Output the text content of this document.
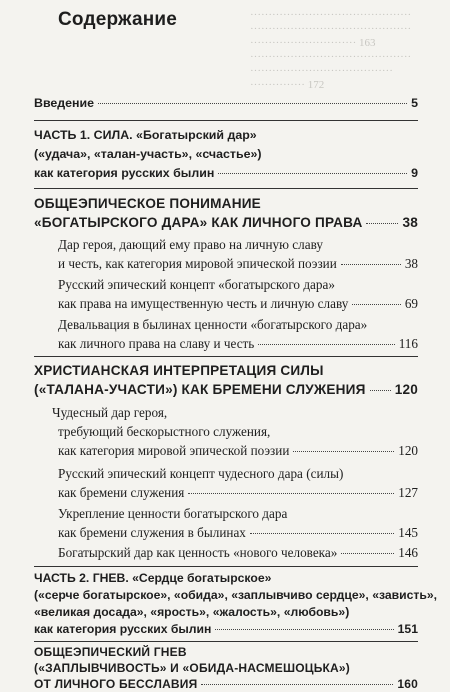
············································
············································
····························· 163
············································
·······································
··············· 172
Содержание
Введение	5
ЧАСТЬ 1. СИЛА. «Богатырский дар»
(«удача», «талан-участь», «счастье»)
как категория русских былин	9
ОБЩЕЭПИЧЕСКОЕ ПОНИМАНИЕ
«БОГАТЫРСКОГО ДАРА» КАК ЛИЧНОГО ПРАВА	38
Дар героя, дающий ему право на личную славу
и честь, как категория мировой эпической поэзии	38
Русский эпический концепт «богатырского дара»
как права на имущественную честь и личную славу	69
Девальвация в былинах ценности «богатырского дара»
как личного права на славу и честь	116
ХРИСТИАНСКАЯ ИНТЕРПРЕТАЦИЯ СИЛЫ
(«ТАЛАНА-УЧАСТИ») КАК БРЕМЕНИ СЛУЖЕНИЯ 120
Чудесный дар героя,
требующий бескорыстного служения,
как категория мировой эпической поэзии	120
Русский эпический концепт чудесного дара (силы)
как бремени служения	127
Укрепление ценности богатырского дара
как бремени служения в былинах	145
Богатырский дар как ценность «нового человека»	146
ЧАСТЬ 2. ГНЕВ. «Сердце богатырское»
(«серче богатырское», «обида», «заплывчиво сердце», «зависть»,
«великая досада», «ярость», «жалость», «любовь»)
как категория русских былин	151
ОБЩЕЭПИЧЕСКИЙ ГНЕВ
(«ЗАПЛЫВЧИВОСТЬ» И «ОБИДА-НАСМЕШОЦЬКА»)
ОТ ЛИЧНОГО БЕССЛАВИЯ	160
